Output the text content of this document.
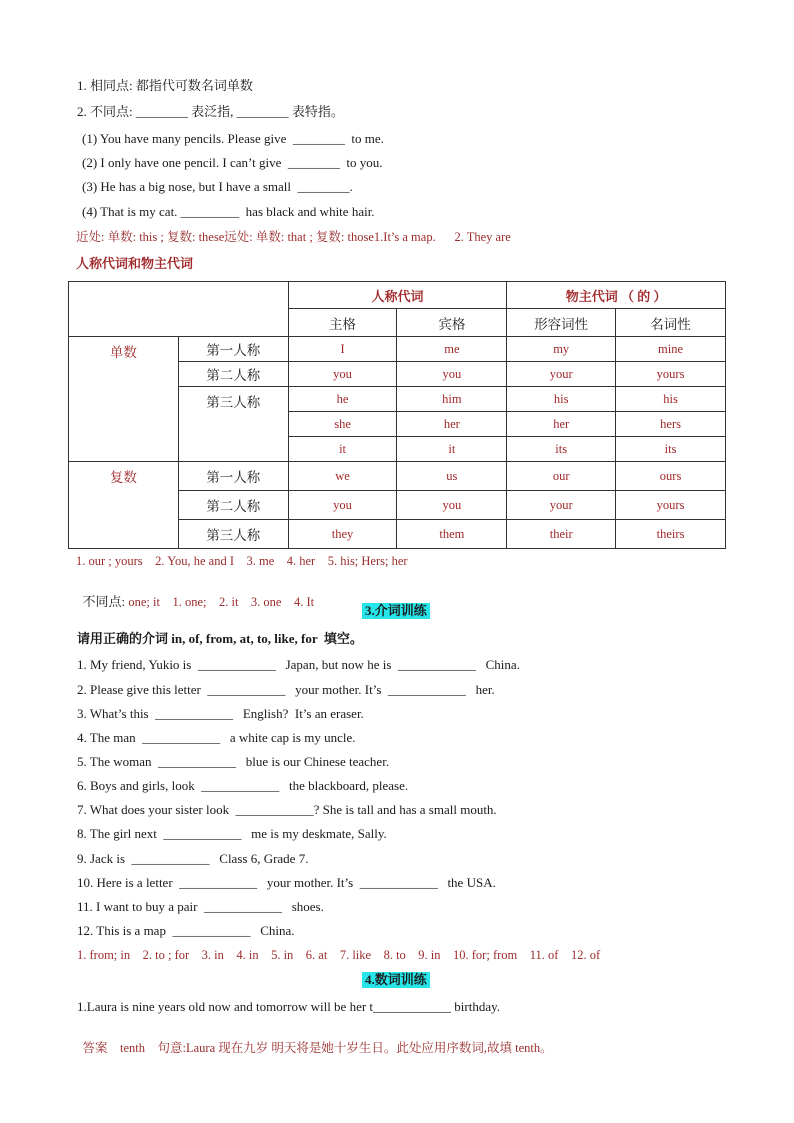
1. 相同点: 都指代可数名词单数
2. 不同点: ________ 表泛指, ________ 表特指。
(1) You have many pencils. Please give  ________  to me.
(2) I only have one pencil. I can’t give  ________  to you.
(3) He has a big nose, but I have a small  ________.
(4) That is my cat. _________  has black and white hair.
近处: 单数: this ; 复数: these远处: 单数: that ; 复数: those1.It’s a map.      2. They are
人称代词和物主代词
		人称代词		物主代词 （ 的 ）	
		主格	宾格	形容词性	名词性
单数	第一人称	I	me	my	mine
	第二人称	you	you	your	yours
	第三人称	he	him	his	his
		she	her	her	hers
		it	it	its	its
复数	第一人称	we	us	our	ours
	第二人称	you	you	your	yours
	第三人称	they	them	their	theirs
1. our ; yours    2. You, he and I    3. me    4. her    5. his; Hers; her

不同点: one; it    1. one;    2. it    3. one    4. It

3.介词训练
请用正确的介词 in, of, from, at, to, like, for  填空。
1. My friend, Yukio is  ____________   Japan, but now he is  ____________   China.
2. Please give this letter  ____________   your mother. It’s  ____________   her.
3. What’s this  ____________   English?  It’s an eraser.
4. The man  ____________   a white cap is my uncle.
5. The woman  ____________   blue is our Chinese teacher.
6. Boys and girls, look  ____________   the blackboard, please.
7. What does your sister look  ____________? She is tall and has a small mouth.
8. The girl next  ____________   me is my deskmate, Sally.
9. Jack is  ____________   Class 6, Grade 7.
10. Here is a letter  ____________   your mother. It’s  ____________   the USA.
11. I want to buy a pair  ____________   shoes.
12. This is a map  ____________   China.
1. from; in    2. to ; for    3. in    4. in    5. in    6. at    7. like    8. to    9. in    10. for; from    11. of    12. of
4.数词训练
1.Laura is nine years old now and tomorrow will be her t____________ birthday.

答案    tenth    句意:Laura 现在九岁 明天将是她十岁生日。此处应用序数词,故填 tenth。
